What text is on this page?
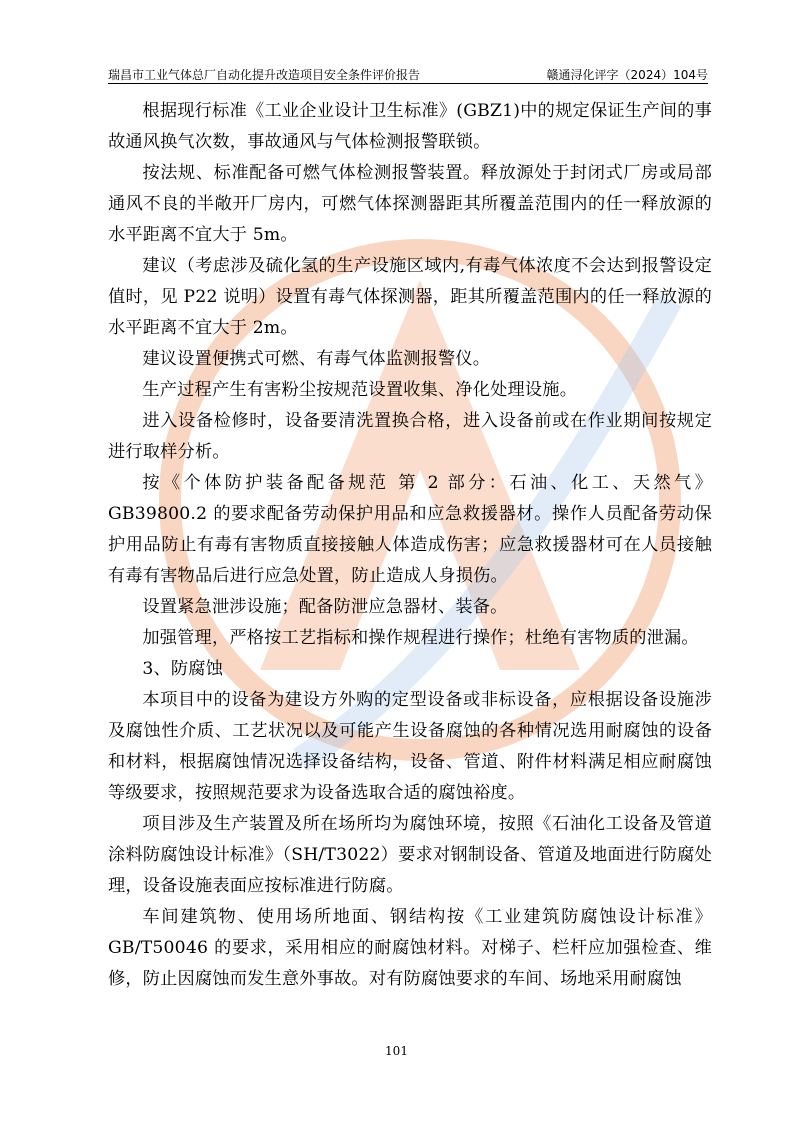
瑞昌市工业气体总厂自动化提升改造项目安全条件评价报告	赣通浔化评字（2024）104号

根据现行标准《工业企业设计卫生标准》(GBZ1)中的规定保证生产间的事故通风换气次数，事故通风与气体检测报警联锁。

按法规、标准配备可燃气体检测报警装置。释放源处于封闭式厂房或局部通风不良的半敞开厂房内，可燃气体探测器距其所覆盖范围内的任一释放源的水平距离不宜大于 5m。

建议（考虑涉及硫化氢的生产设施区域内,有毒气体浓度不会达到报警设定值时，见 P22 说明）设置有毒气体探测器，距其所覆盖范围内的任一释放源的水平距离不宜大于 2m。

建议设置便携式可燃、有毒气体监测报警仪。

生产过程产生有害粉尘按规范设置收集、净化处理设施。

进入设备检修时，设备要清洗置换合格，进入设备前或在作业期间按规定进行取样分析。

按《个体防护装备配备规范 第 2 部分：石油、化工、天然气》GB39800.2 的要求配备劳动保护用品和应急救援器材。操作人员配备劳动保护用品防止有毒有害物质直接接触人体造成伤害；应急救援器材可在人员接触有毒有害物品后进行应急处置，防止造成人身损伤。

设置紧急泄涉设施；配备防泄应急器材、装备。

加强管理，严格按工艺指标和操作规程进行操作；杜绝有害物质的泄漏。

3、防腐蚀

本项目中的设备为建设方外购的定型设备或非标设备，应根据设备设施涉及腐蚀性介质、工艺状况以及可能产生设备腐蚀的各种情况选用耐腐蚀的设备和材料，根据腐蚀情况选择设备结构，设备、管道、附件材料满足相应耐腐蚀等级要求，按照规范要求为设备选取合适的腐蚀裕度。

项目涉及生产装置及所在场所均为腐蚀环境，按照《石油化工设备及管道涂料防腐蚀设计标准》（SH/T3022）要求对钢制设备、管道及地面进行防腐处理，设备设施表面应按标准进行防腐。

车间建筑物、使用场所地面、钢结构按《工业建筑防腐蚀设计标准》GB/T50046 的要求，采用相应的耐腐蚀材料。对梯子、栏杆应加强检查、维修，防止因腐蚀而发生意外事故。对有防腐蚀要求的车间、场地采用耐腐蚀

101
